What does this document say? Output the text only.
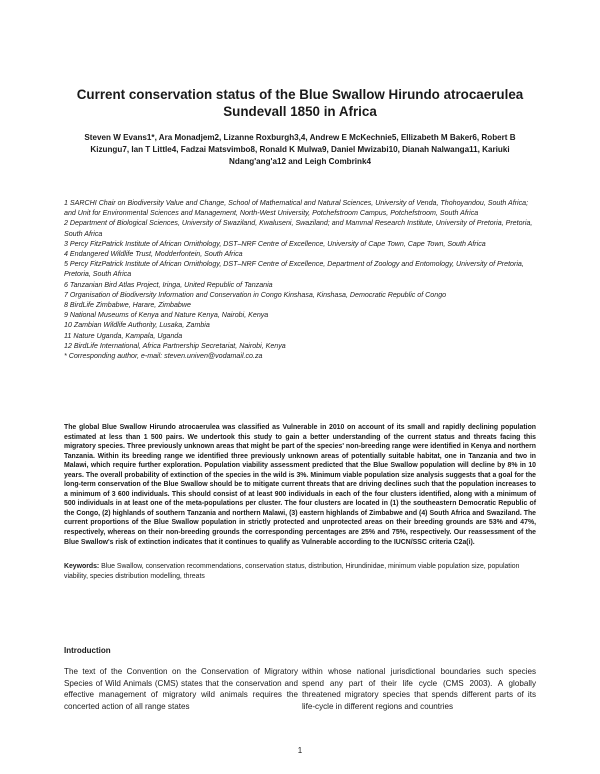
Current conservation status of the Blue Swallow Hirundo atrocaerulea Sundevall 1850 in Africa
Steven W Evans1*, Ara Monadjem2, Lizanne Roxburgh3,4, Andrew E McKechnie5, Ellizabeth M Baker6, Robert B Kizungu7, Ian T Little4, Fadzai Matsvimbo8, Ronald K Mulwa9, Daniel Mwizabi10, Dianah Nalwanga11, Kariuki Ndang'ang'a12 and Leigh Combrink4

1 SARCHI Chair on Biodiversity Value and Change, School of Mathematical and Natural Sciences, University of Venda, Thohoyandou, South Africa; and Unit for Environmental Sciences and Management, North-West University, Potchefstroom Campus, Potchefstroom, South Africa

2 Department of Biological Sciences, University of Swaziland, Kwaluseni, Swaziland; and Mammal Research Institute, University of Pretoria, Pretoria, South Africa

3 Percy FitzPatrick Institute of African Ornithology, DST–NRF Centre of Excellence, University of Cape Town, Cape Town, South Africa

4 Endangered Wildlife Trust, Modderfontein, South Africa

5 Percy FitzPatrick Institute of African Ornithology, DST–NRF Centre of Excellence, Department of Zoology and Entomology, University of Pretoria, Pretoria, South Africa

6 Tanzanian Bird Atlas Project, Iringa, United Republic of Tanzania

7 Organisation of Biodiversity Information and Conservation in Congo Kinshasa, Kinshasa, Democratic Republic of Congo

8 BirdLife Zimbabwe, Harare, Zimbabwe

9 National Museums of Kenya and Nature Kenya, Nairobi, Kenya

10 Zambian Wildlife Authority, Lusaka, Zambia

11 Nature Uganda, Kampala, Uganda

12 BirdLife International, Africa Partnership Secretariat, Nairobi, Kenya

* Corresponding author, e-mail: steven.univen@vodamail.co.za

The global Blue Swallow Hirundo atrocaerulea was classified as Vulnerable in 2010 on account of its small and rapidly declining population estimated at less than 1 500 pairs. We undertook this study to gain a better understanding of the current status and threats facing this migratory species. Three previously unknown areas that might be part of the species' non-breeding range were identified in Kenya and northern Tanzania. Within its breeding range we identified three previously unknown areas of potentially suitable habitat, one in Tanzania and two in Malawi, which require further exploration. Population viability assessment predicted that the Blue Swallow population will decline by 8% in 10 years. The overall probability of extinction of the species in the wild is 3%. Minimum viable population size analysis suggests that a goal for the long-term conservation of the Blue Swallow should be to mitigate current threats that are driving declines such that the population increases to a minimum of 3 600 individuals. This should consist of at least 900 individuals in each of the four clusters identified, along with a minimum of 500 individuals in at least one of the meta-populations per cluster. The four clusters are located in (1) the southeastern Democratic Republic of the Congo, (2) highlands of southern Tanzania and northern Malawi, (3) eastern highlands of Zimbabwe and (4) South Africa and Swaziland. The current proportions of the Blue Swallow population in strictly protected and unprotected areas on their breeding grounds are 53% and 47%, respectively, whereas on their non-breeding grounds the corresponding percentages are 25% and 75%, respectively. Our reassessment of the Blue Swallow's risk of extinction indicates that it continues to qualify as Vulnerable according to the IUCN/SSC criteria C2a(i).

Keywords: Blue Swallow, conservation recommendations, conservation status, distribution, Hirundinidae, minimum viable population size, population viability, species distribution modelling, threats

Introduction

The text of the Convention on the Conservation of Migratory Species of Wild Animals (CMS) states that the conservation and effective management of migratory wild animals requires the concerted action of all range states

within whose national jurisdictional boundaries such species spend any part of their life cycle (CMS 2003). A globally threatened migratory species that spends different parts of its life-cycle in different regions and countries

1
